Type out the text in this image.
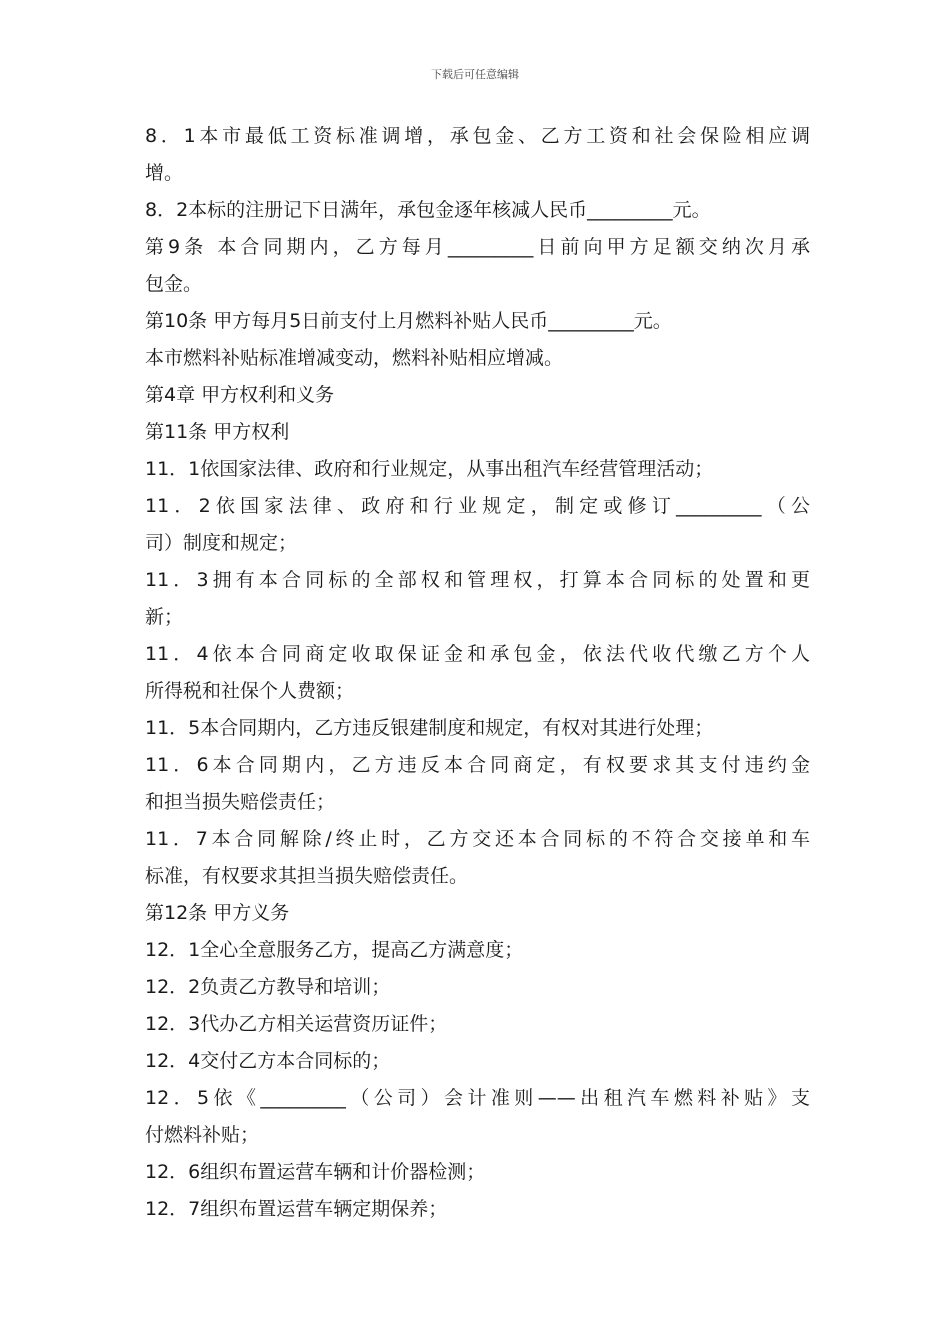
下载后可任意编辑
8．1本市最低工资标准调增，承包金、乙方工资和社会保险相应调
增。
8．2本标的注册记下日满年，承包金逐年核减人民币_________元。
第9条 本合同期内，乙方每月_________日前向甲方足额交纳次月承
包金。
第10条 甲方每月5日前支付上月燃料补贴人民币_________元。
本市燃料补贴标准增减变动，燃料补贴相应增减。
第4章 甲方权利和义务
第11条 甲方权利
11．1依国家法律、政府和行业规定，从事出租汽车经营管理活动；
11．2依国家法律、政府和行业规定，制定或修订_________（公
司）制度和规定；
11．3拥有本合同标的全部权和管理权，打算本合同标的处置和更
新；
11．4依本合同商定收取保证金和承包金，依法代收代缴乙方个人
所得税和社保个人费额；
11．5本合同期内，乙方违反银建制度和规定，有权对其进行处理；
11．6本合同期内，乙方违反本合同商定，有权要求其支付违约金
和担当损失赔偿责任；
11．7本合同解除/终止时，乙方交还本合同标的不符合交接单和车
标准，有权要求其担当损失赔偿责任。
第12条 甲方义务
12．1全心全意服务乙方，提高乙方满意度；
12．2负责乙方教导和培训；
12．3代办乙方相关运营资历证件；
12．4交付乙方本合同标的；
12．5依《_________（公司）会计准则——出租汽车燃料补贴》支
付燃料补贴；
12．6组织布置运营车辆和计价器检测；
12．7组织布置运营车辆定期保养；
